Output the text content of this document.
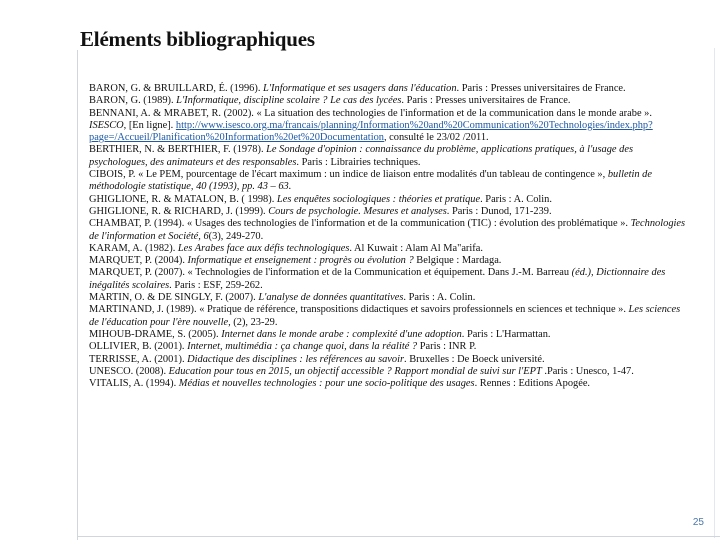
Eléments bibliographiques

BARON, G. & BRUILLARD, É. (1996). L'Informatique et ses usagers dans l'éducation. Paris : Presses universitaires de France.

BARON, G. (1989). L'Informatique, discipline scolaire ? Le cas des lycées. Paris : Presses universitaires de France.

BENNANI, A. & MRABET, R. (2002). « La situation des technologies de l'information et de la communication dans le monde arabe ». ISESCO, [En ligne]. http://www.isesco.org.ma/francais/planning/Information%20and%20Communication%20Technologies/index.php?page=/Accueil/Planification%20Information%20et%20Documentation, consulté le 23/02 /2011.

BERTHIER, N. & BERTHIER, F. (1978). Le Sondage d'opinion : connaissance du problème, applications pratiques, à l'usage des psychologues, des animateurs et des responsables. Paris : Librairies techniques.

CIBOIS, P. « Le PEM, pourcentage de l'écart maximum : un indice de liaison entre modalités d'un tableau de contingence », bulletin de méthodologie statistique, 40 (1993), pp. 43 – 63.

GHIGLIONE, R. & MATALON, B. ( 1998). Les enquêtes sociologiques : théories et pratique. Paris : A. Colin.

GHIGLIONE, R. & RICHARD, J. (1999). Cours de psychologie. Mesures et analyses. Paris : Dunod, 171-239.

CHAMBAT, P. (1994). « Usages des technologies de l'information et de la communication (TIC) : évolution des problématique ». Technologies de l'information et Société, 6(3), 249-270.

KARAM, A. (1982). Les Arabes face aux défis technologiques. Al Kuwait : Alam Al Ma"arifa.

MARQUET, P. (2004). Informatique et enseignement : progrès ou évolution ? Belgique : Mardaga.

MARQUET, P. (2007). « Technologies de l'information et de la Communication et équipement. Dans J.-M. Barreau (éd.), Dictionnaire des inégalités scolaires. Paris : ESF, 259-262.

MARTIN, O. & DE SINGLY, F. (2007). L'analyse de données quantitatives. Paris : A. Colin.

MARTINAND, J. (1989). « Pratique de référence, transpositions didactiques et savoirs professionnels en sciences et technique ». Les sciences de l'éducation pour l'ère nouvelle, (2), 23-29.

MIHOUB-DRAME, S. (2005). Internet dans le monde arabe : complexité d'une adoption. Paris : L'Harmattan.

OLLIVIER, B. (2001). Internet, multimédia : ça change quoi, dans la réalité ? Paris : INR P.

TERRISSE, A. (2001). Didactique des disciplines : les références au savoir. Bruxelles : De Boeck université.

UNESCO. (2008). Education pour tous en 2015, un objectif accessible ? Rapport mondial de suivi sur l'EPT .Paris : Unesco, 1-47.

VITALIS, A. (1994). Médias et nouvelles technologies : pour une socio-politique des usages. Rennes : Editions Apogée.

25
